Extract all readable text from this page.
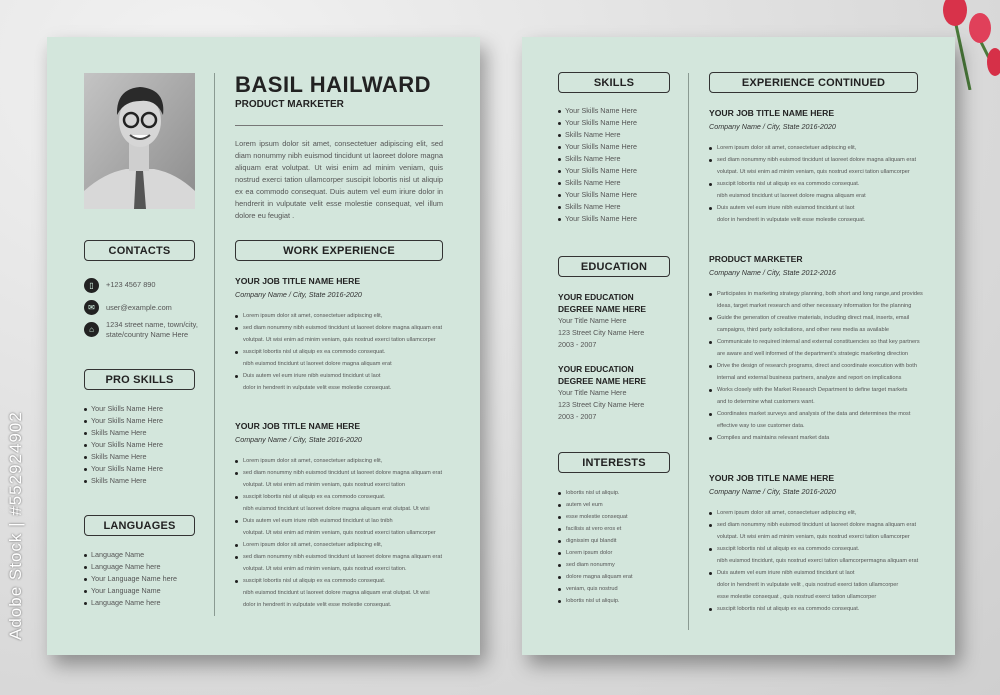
Adobe Stock | #552924902
BASIL HAILWARD
PRODUCT MARKETER
Lorem ipsum dolor sit amet, consectetuer adipiscing elit, sed diam nonummy nibh euismod tincidunt ut laoreet dolore magna aliquam erat volutpat. Ut wisi enim ad minim veniam, quis nostrud exerci tation ullamcorper suscipit lobortis nisl ut aliquip ex ea commodo consequat. Duis autem vel eum iriure dolor in hendrerit in vulputate velit esse molestie consequat, vel illum dolore eu feugiat .
CONTACTS
▯	+123 4567 890
✉	user@example.com
⌂
1234 street name, town/city, state/country Name Here
PRO SKILLS
Your Skills Name Here
Your Skills Name Here
Skills Name Here
Your Skills Name Here
Skills Name Here
Your Skills Name Here
Skills Name Here
LANGUAGES
Language Name
Language Name here
Your Language Name here
Your Language Name
Language Name here
WORK EXPERIENCE
YOUR JOB TITLE NAME HERE
Company Name / City, State 2016-2020
Lorem ipsum dolor sit amet, consectetuer adipiscing elit,
sed diam nonummy nibh euismod tincidunt ut laoreet dolore magna aliquam erat
volutpat. Ut wisi enim ad minim veniam, quis nostrud exerci tation ullamcorper
suscipit lobortis nisl ut aliquip ex ea commodo consequat.
nibh euismod tincidunt ut laoreet dolore magna aliquam erat
Duis autem vel eum iriure nibh euismod tincidunt ut laot
dolor in hendrerit in vulputate velit esse molestie consequat.
YOUR JOB TITLE NAME HERE
Company Name / City, State 2016-2020
Lorem ipsum dolor sit amet, consectetuer adipiscing elit,
sed diam nonummy nibh euismod tincidunt ut laoreet dolore magna aliquam erat
volutpat. Ut wisi enim ad minim veniam, quis nostrud exerci tation
suscipit lobortis nisl ut aliquip ex ea commodo consequat.
nibh euismod tincidunt ut laoreet dolore magna aliquam erat olutpat. Ut wisi
Duis autem vel eum iriure nibh euismod tincidunt ut lao tnibh
volutpat. Ut wisi enim ad minim veniam, quis nostrud exerci tation ullamcorper
Lorem ipsum dolor sit amet, consectetuer adipiscing elit,
sed diam nonummy nibh euismod tincidunt ut laoreet dolore magna aliquam erat
volutpat. Ut wisi enim ad minim veniam, quis nostrud exerci tation.
suscipit lobortis nisl ut aliquip ex ea commodo consequat.
nibh euismod tincidunt ut laoreet dolore magna aliquam erat olutpat. Ut wisi
dolor in hendrerit in vulputate velit esse molestie consequat.
SKILLS
Your Skills Name Here
Your Skills Name Here
Skills Name Here
Your Skills Name Here
Skills Name Here
Your Skills Name Here
Skills Name Here
Your Skills Name Here
Skills Name Here
Your Skills Name Here
EDUCATION
YOUR EDUCATION
DEGREE NAME HERE
Your Title Name Here
123 Street City Name Here
2003 - 2007
YOUR EDUCATION
DEGREE NAME HERE
Your Title Name Here
123 Street City Name Here
2003 - 2007
INTERESTS
lobortis nisl ut aliquip.
autem vel eum
esse molestie consequat
facilisis at vero eros et
dignissim qui blandit
Lorem ipsum dolor
sed diam nonummy
dolore magna aliquam erat
veniam, quis nostrud
lobortis nisl ut aliquip.
EXPERIENCE CONTINUED
YOUR JOB TITLE NAME HERE
Company Name / City, State 2016-2020
Lorem ipsum dolor sit amet, consectetuer adipiscing elit,
sed diam nonummy nibh euismod tincidunt ut laoreet dolore magna aliquam erat
volutpat. Ut wisi enim ad minim veniam, quis nostrud exerci tation ullamcorper
suscipit lobortis nisl ut aliquip ex ea commodo consequat.
nibh euismod tincidunt ut laoreet dolore magna aliquam erat
Duis autem vel eum iriure nibh euismod tincidunt ut laot
dolor in hendrerit in vulputate velit esse molestie consequat.
PRODUCT MARKETER
Company Name / City, State 2012-2016
Participates in marketing strategy planning, both short and long range,and provides
ideas, target market research and other necessary information for the planning
Guide the generation of creative materials, including direct mail, inserts, email
campaigns, third party solicitations, and other new media as available
Communicate to required internal and external constituencies so that key partners
are aware and well informed of the department's strategic marketing direction
Drive the design of research programs, direct and coordinate execution with both
internal and external business partners, analyze and report on implications
Works closely with the Market Research Department to define target markets
and to determine what customers want.
Coordinates market surveys and analysis of the data and determines the most
effective way to use customer data.
Compiles and maintains relevant market data
YOUR JOB TITLE NAME HERE
Company Name / City, State 2016-2020
Lorem ipsum dolor sit amet, consectetuer adipiscing elit,
sed diam nonummy nibh euismod tincidunt ut laoreet dolore magna aliquam erat
volutpat. Ut wisi enim ad minim veniam, quis nostrud exerci tation ullamcorper
suscipit lobortis nisl ut aliquip ex ea commodo consequat.
nibh euismod tincidunt, quis nostrud exerci tation ullamcorpermagna aliquam erat
Duis autem vel eum iriure nibh euismod tincidunt ut laot
dolor in hendrerit in vulputate velit , quis nostrud exerci tation ullamcorper
esse molestie consequat , quis nostrud exerci tation ullamcorper
suscipit lobortis nisl ut aliquip ex ea commodo consequat.
